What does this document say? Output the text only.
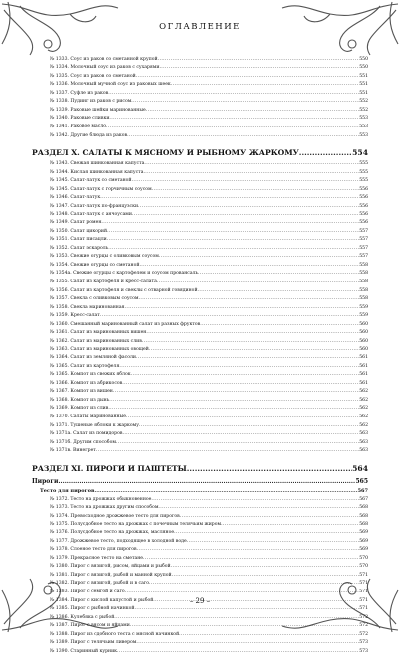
ОГЛАВЛЕНИЕ
№ 1333. Соус из раков со сметанной крупой .....	550
№ 1334. Молочный соус из раков с сухарями .....	550
№ 1335. Соус из раков со сметаной .....	551
№ 1336. Молочный мучной соус из раковых шеек .....	551
№ 1337. Суфле из раков .....	551
№ 1338. Пудинг из раков с рисом .....	552
№ 1339. Раковые шейки маринованные .....	552
№ 1340. Раковые сливки .....	553
№ 1341. Раковое масло .....	553
№ 1342. Другие блюда из раков .....	553
РАЗДЕЛ X. САЛАТЫ К МЯСНОМУ И РЫБНОМУ ЖАРКОМУ .....	554
№ 1343. Свежая шинкованная капуста .....	555
№ 1344. Кислая шинкованная капуста .....	555
№ 1345. Салат-латук со сметаной .....	555
№ 1345. Салат-латук с горчичным соусом .....	556
№ 1346. Салат-латук .....	556
№ 1347. Салат-латук по-французски .....	556
№ 1348. Салат-латук с анчоусами .....	556
№ 1349. Салат ромен .....	556
№ 1350. Салат цикорий .....	557
№ 1351. Салат писацли .....	557
№ 1352. Салат эскароль .....	557
№ 1353. Свежие огурцы с оливковым соусом .....	557
№ 1354. Свежие огурцы со сметаной .....	558
№ 1354a. Свежие огурцы с картофелем и соусом провансаль .....	558
№ 1355. Салат из картофеля и кресс-салата .....	558
№ 1356. Салат из картофеля и свеклы с отварной говядиной .....	558
№ 1357. Свекла с оливковым соусом .....	558
№ 1358. Свекла маринованная .....	559
№ 1359. Кресс-салат .....	559
№ 1360. Смешанный маринованный салат из разных фруктов .....	560
№ 1361. Салат из маринованных вишен .....	560
№ 1362. Салат из маринованных слив .....	560
№ 1363. Салат из маринованных овощей .....	560
№ 1364. Салат из земляной фасоли .....	561
№ 1365. Салат из картофеля .....	561
№ 1365. Компот из свежих яблок .....	561
№ 1366. Компот из абрикосов .....	561
№ 1367. Компот из вишен .....	562
№ 1368. Компот из дынь .....	562
№ 1369. Компот из слив .....	562
№ 1370. Салаты маринованные .....	562
№ 1371. Тушеные яблоки к жаркому .....	562
№ 1371а. Салат из помидоров .....	563
№ 1371б. Другим способом .....	563
№ 1371в. Винегрет .....	563
РАЗДЕЛ XI. ПИРОГИ И ПАШТЕТЫ .....	564
Пироги .....	565
Тесто для пирогов .....	567
№ 1372. Тесто на дрожжах обыкновенное .....	567
№ 1373. Тесто на дрожжах другим способом .....	568
№ 1374. Превосходное дрожжевое тесто для пирогов .....	568
№ 1375. Полусдобное тесто на дрожжах с почечным телячьим жиром .....	568
№ 1376. Полусдобное тесто на дрожжах, масляное .....	569
№ 1377. Дрожжевое тесто, подходящее в холодной воде .....	569
№ 1378. Слоеное тесто для пирогов .....	569
№ 1379. Прекрасное тесто на сметане .....	570
№ 1380. Пирог с вязигой, рисом, яйцами и рыбой .....	570
№ 1381. Пирог с вязигой, рыбой и манной крупой .....	571
№ 1382. Пирог с вязигой, рыбой и в саго .....	571
№ 1383. Пирог с сёмгой и саго .....	571
№ 1384. Пирог с кислой капустой и рыбой .....	571
№ 1385. Пирог с рыбной начинкой .....	571
№ 1386. Кулебяка с рыбой .....	572
№ 1387. Пирог с вясом и яйцами .....	572
№ 1388. Пирог из сдобного теста с мясной начинкой .....	572
№ 1389. Пирог с телячьим ливером .....	573
№ 1390. Старинный курник .....	573
– 29 –
